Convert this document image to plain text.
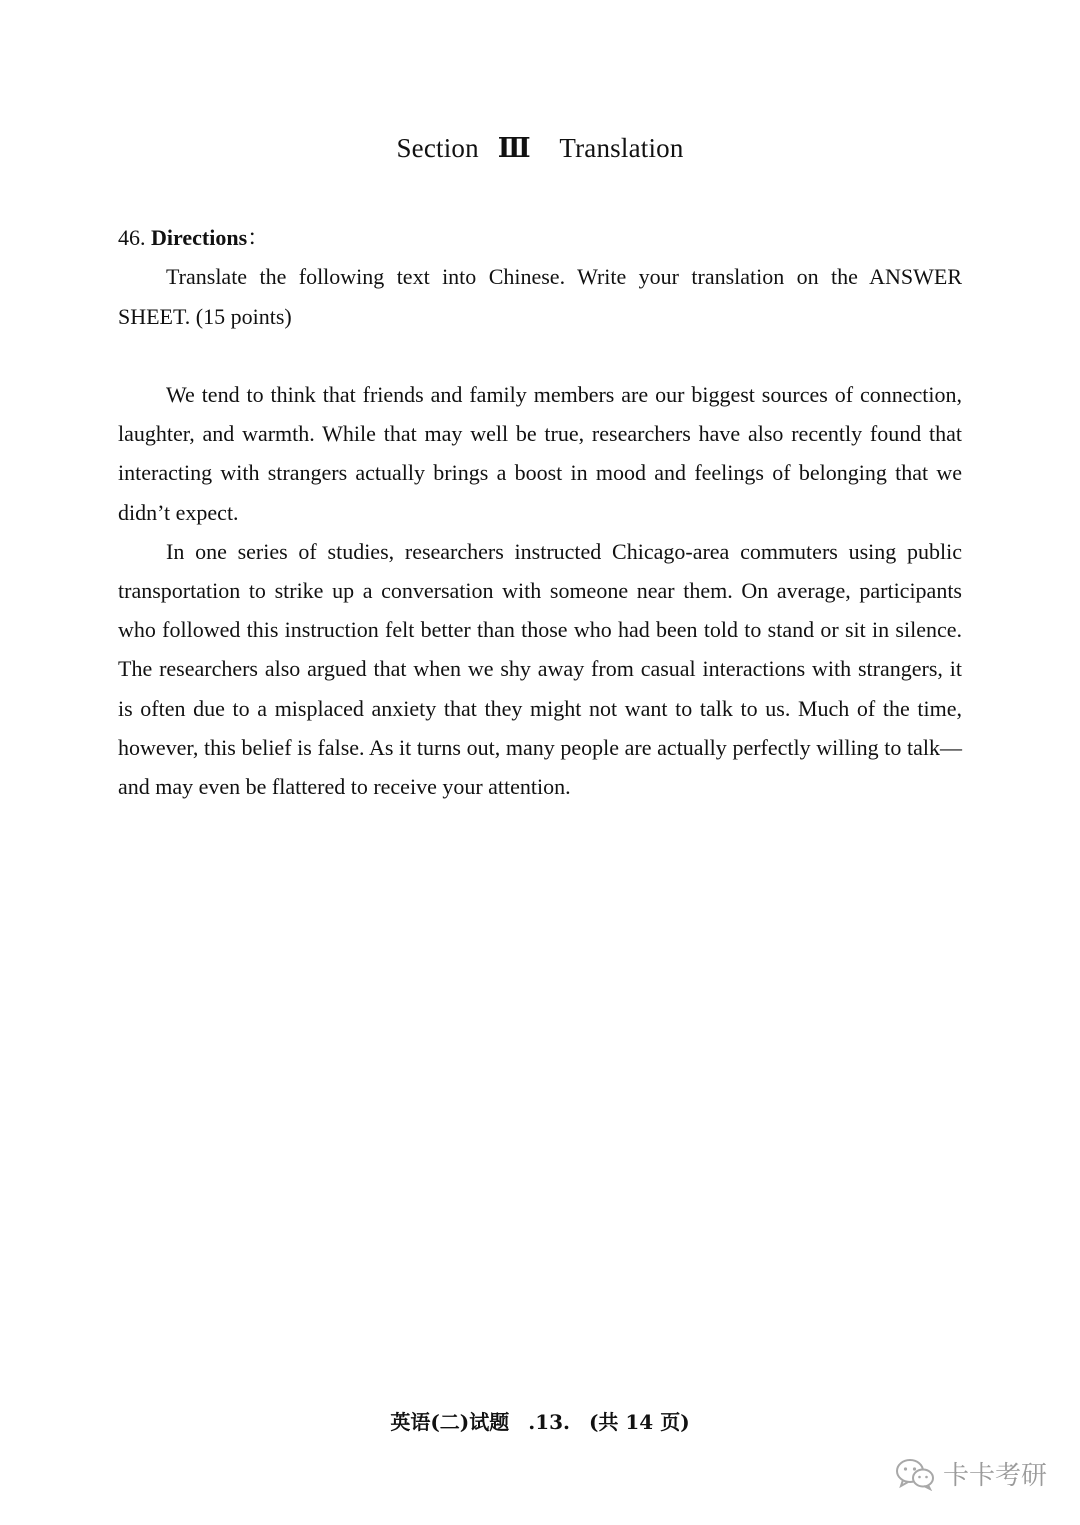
Section Ⅲ Translation
46. Directions：

Translate the following text into Chinese. Write your translation on the ANSWER SHEET. (15 points)

We tend to think that friends and family members are our biggest sources of connection, laughter, and warmth. While that may well be true, researchers have also recently found that interacting with strangers actually brings a boost in mood and feelings of belonging that we didn’t expect.

In one series of studies, researchers instructed Chicago-area commuters using public transportation to strike up a conversation with someone near them. On average, participants who followed this instruction felt better than those who had been told to stand or sit in silence. The researchers also argued that when we shy away from casual interactions with strangers, it is often due to a misplaced anxiety that they might not want to talk to us. Much of the time, however, this belief is false. As it turns out, many people are actually perfectly willing to talk—and may even be flattered to receive your attention.

英语(二)试题 .13. (共 14 页)
卡卡考研
